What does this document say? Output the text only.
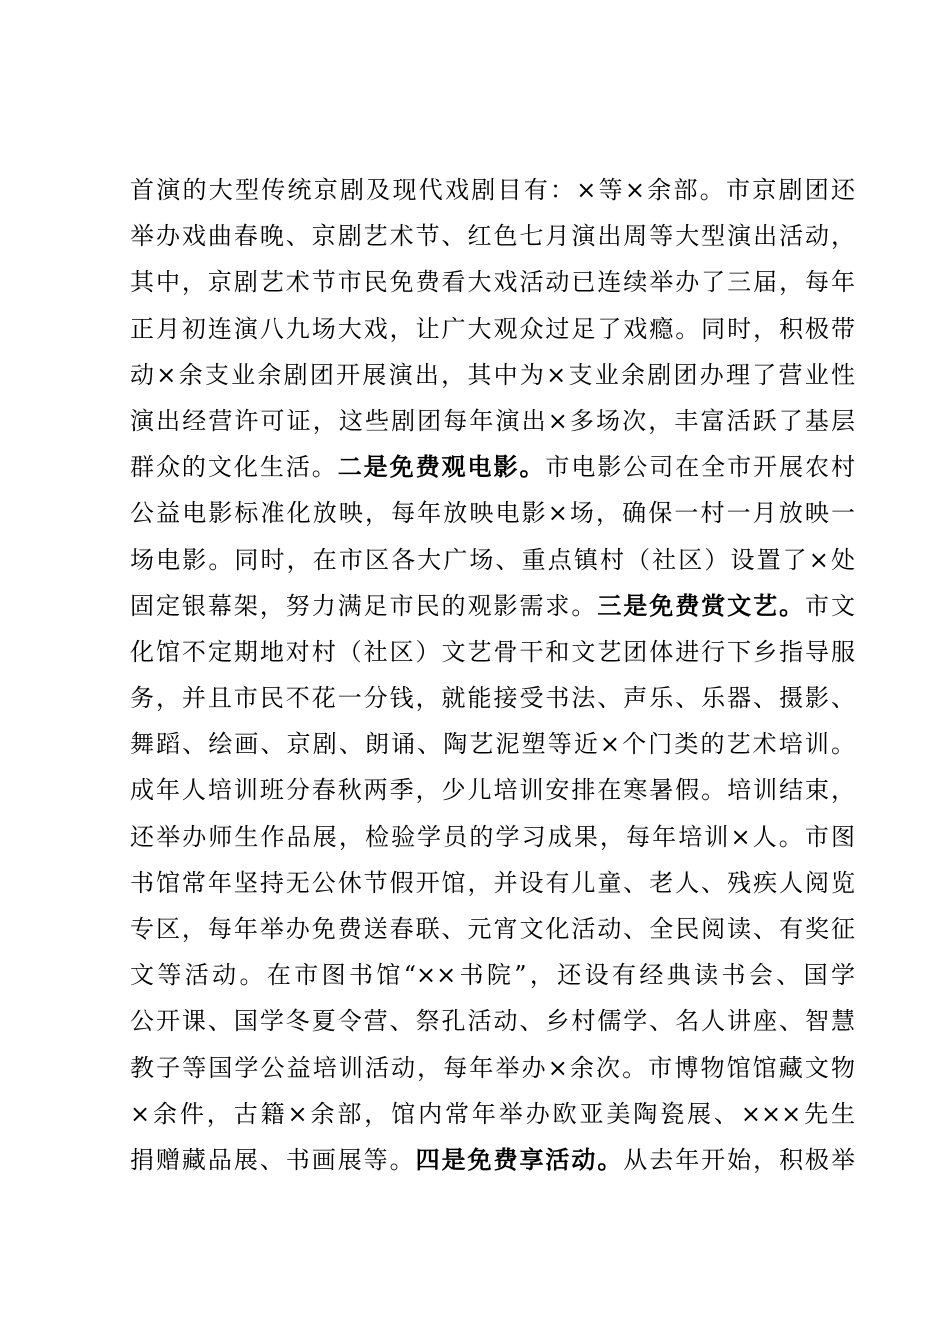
首演的大型传统京剧及现代戏剧目有：×等×余部。市京剧团还
举办戏曲春晚、京剧艺术节、红色七月演出周等大型演出活动，
其中，京剧艺术节市民免费看大戏活动已连续举办了三届，每年
正月初连演八九场大戏，让广大观众过足了戏瘾。同时，积极带
动×余支业余剧团开展演出，其中为×支业余剧团办理了营业性
演出经营许可证，这些剧团每年演出×多场次，丰富活跃了基层
群众的文化生活。二是免费观电影。市电影公司在全市开展农村
公益电影标准化放映，每年放映电影×场，确保一村一月放映一
场电影。同时，在市区各大广场、重点镇村（社区）设置了×处
固定银幕架，努力满足市民的观影需求。三是免费赏文艺。市文
化馆不定期地对村（社区）文艺骨干和文艺团体进行下乡指导服
务，并且市民不花一分钱，就能接受书法、声乐、乐器、摄影、
舞蹈、绘画、京剧、朗诵、陶艺泥塑等近×个门类的艺术培训。
成年人培训班分春秋两季，少儿培训安排在寒暑假。培训结束，
还举办师生作品展，检验学员的学习成果，每年培训×人。市图
书馆常年坚持无公休节假开馆，并设有儿童、老人、残疾人阅览
专区，每年举办免费送春联、元宵文化活动、全民阅读、有奖征
文等活动。在市图书馆“××书院”，还设有经典读书会、国学
公开课、国学冬夏令营、祭孔活动、乡村儒学、名人讲座、智慧
教子等国学公益培训活动，每年举办×余次。市博物馆馆藏文物
×余件，古籍×余部，馆内常年举办欧亚美陶瓷展、×××先生
捐赠藏品展、书画展等。四是免费享活动。从去年开始，积极举
